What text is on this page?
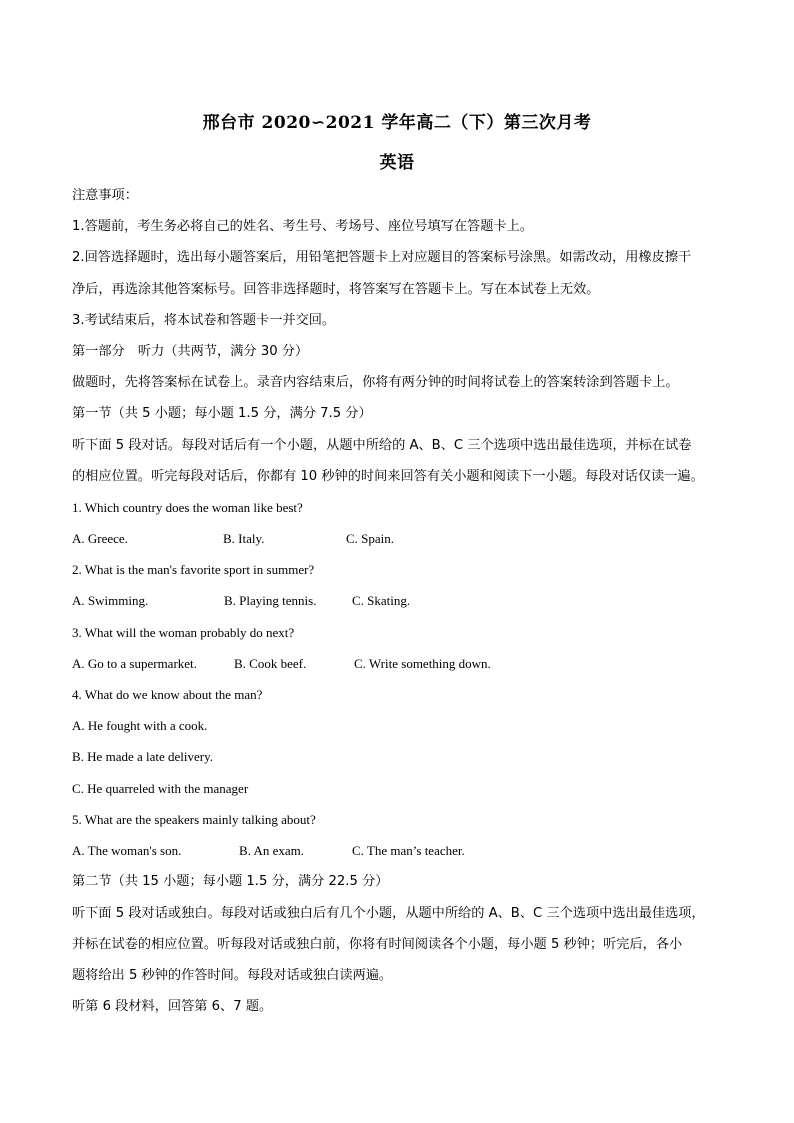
邢台市 2020∽2021 学年高二（下）第三次月考
英语
注意事项：
1.答题前，考生务必将自己的姓名、考生号、考场号、座位号填写在答题卡上。
2.回答选择题时，选出每小题答案后，用铅笔把答题卡上对应题目的答案标号涂黑。如需改动，用橡皮擦干
净后，再选涂其他答案标号。回答非选择题时，将答案写在答题卡上。写在本试卷上无效。
3.考试结束后，将本试卷和答题卡一并交回。
第一部分　听力（共两节，满分 30 分）
做题时，先将答案标在试卷上。录音内容结束后，你将有两分钟的时间将试卷上的答案转涂到答题卡上。
第一节（共 5 小题；每小题 1.5 分，满分 7.5 分）
听下面 5 段对话。每段对话后有一个小题，从题中所给的 A、B、C 三个选项中选出最佳选项，并标在试卷
的相应位置。听完每段对话后，你都有 10 秒钟的时间来回答有关小题和阅读下一小题。每段对话仅读一遍。
1. Which country does the woman like best?
A. Greece.	B. Italy.	C. Spain.
2. What is the man's favorite sport in summer?
A. Swimming.	B. Playing tennis.	C. Skating.
3. What will the woman probably do next?
A. Go to a supermarket.	B. Cook beef.	C. Write something down.
4. What do we know about the man?
A. He fought with a cook.
B. He made a late delivery.
C. He quarreled with the manager
5. What are the speakers mainly talking about?
A. The woman's son.	B. An exam.	C. The man’s teacher.
第二节（共 15 小题；每小题 1.5 分，满分 22.5 分）
听下面 5 段对话或独白。每段对话或独白后有几个小题，从题中所给的 A、B、C 三个选项中选出最佳选项，
并标在试卷的相应位置。听每段对话或独白前，你将有时间阅读各个小题，每小题 5 秒钟；听完后，各小
题将给出 5 秒钟的作答时间。每段对话或独白读两遍。
听第 6 段材料，回答第 6、7 题。
